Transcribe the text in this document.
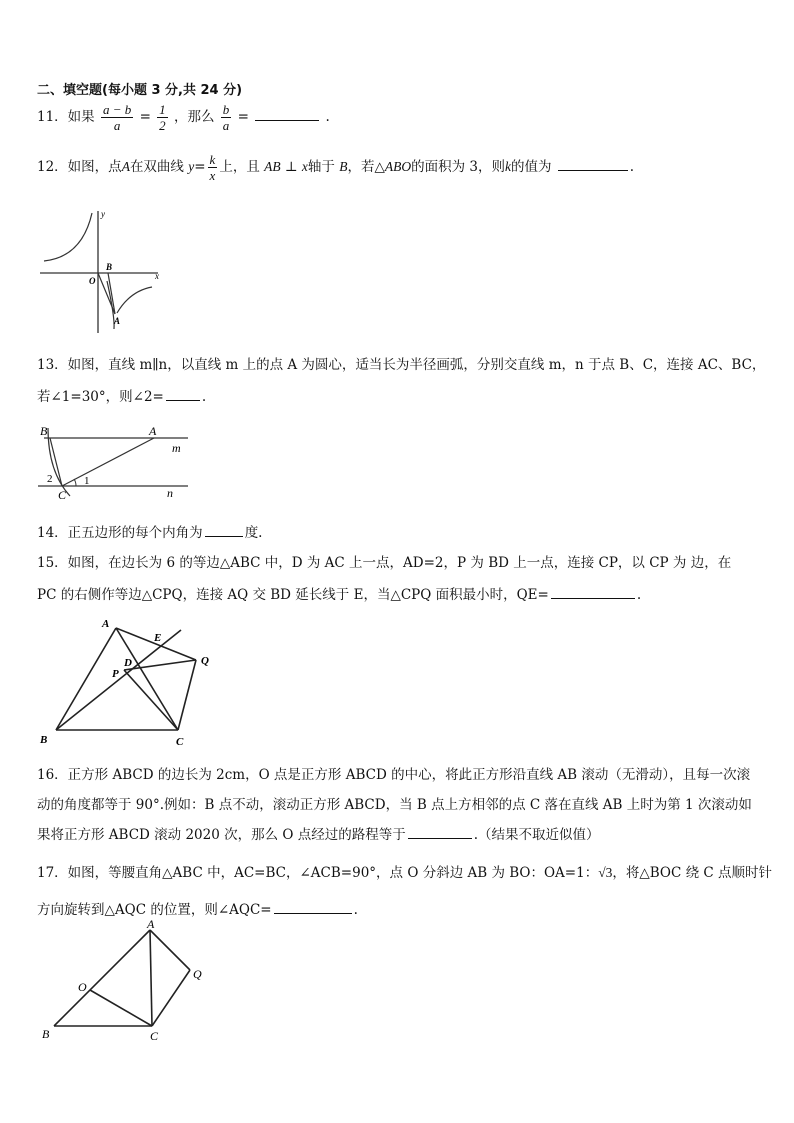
二、填空题(每小题 3 分,共 24 分)
11．如果 $\frac{a - b}{a} = \frac{1}{2}$ ，那么 $\frac{b}{a}$ =	.
12．如图，点A在双曲线 $y= \frac{k}{x}$ 上，且 AB ⊥ x轴于 B，若△ABO的面积为 3，则k的值为	.
y
x
O
B
A
13．如图，直线 m∥n，以直线 m 上的点 A 为圆心，适当长为半径画弧，分别交直线 m，n 于点 B、C，连接 AC、BC，
若∠1=30°，则∠2=	.
B	A
m
n
C
1
2
14．正五边形的每个内角为	度.
15．如图，在边长为 6 的等边△ABC 中，D 为 AC 上一点，AD=2，P 为 BD 上一点，连接 CP，以 CP 为 边，在
PC 的右侧作等边△CPQ，连接 AQ 交 BD 延长线于 E，当△CPQ 面积最小时，QE=	.
A
B	C
D
E
P
Q
16．正方形 ABCD 的边长为 2cm，O 点是正方形 ABCD 的中心，将此正方形沿直线 AB 滚动（无滑动），且每一次滚
动的角度都等于 90°.例如：B 点不动，滚动正方形 ABCD，当 B 点上方相邻的点 C 落在直线 AB 上时为第 1 次滚动如
果将正方形 ABCD 滚动 2020 次，那么 O 点经过的路程等于	.（结果不取近似值）
17．如图，等腰直角△ABC 中，AC=BC，∠ACB=90°，点 O 分斜边 AB 为 BO：OA=1：√3，将△BOC 绕 C 点顺时针
方向旋转到△AQC 的位置，则∠AQC=	.
A
B	C
O
Q
